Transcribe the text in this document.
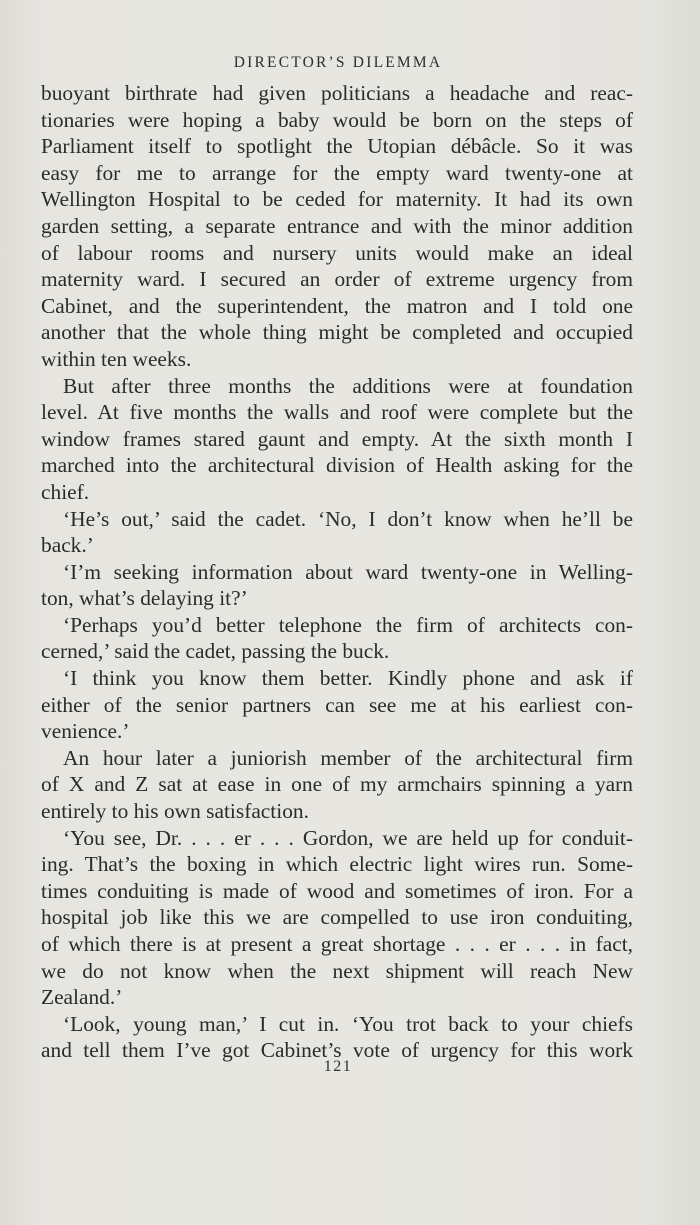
DIRECTOR’S DILEMMA
buoyant birthrate had given politicians a headache and reac-
tionaries were hoping a baby would be born on the steps of
Parliament itself to spotlight the Utopian débâcle. So it was
easy for me to arrange for the empty ward twenty-one at
Wellington Hospital to be ceded for maternity. It had its own
garden setting, a separate entrance and with the minor addition
of labour rooms and nursery units would make an ideal
maternity ward. I secured an order of extreme urgency from
Cabinet, and the superintendent, the matron and I told one
another that the whole thing might be completed and occupied
within ten weeks.
But after three months the additions were at foundation
level. At five months the walls and roof were complete but the
window frames stared gaunt and empty. At the sixth month I
marched into the architectural division of Health asking for the
chief.
‘He’s out,’ said the cadet. ‘No, I don’t know when he’ll be
back.’
‘I’m seeking information about ward twenty-one in Welling-
ton, what’s delaying it?’
‘Perhaps you’d better telephone the firm of architects con-
cerned,’ said the cadet, passing the buck.
‘I think you know them better. Kindly phone and ask if
either of the senior partners can see me at his earliest con-
venience.’
An hour later a juniorish member of the architectural firm
of X and Z sat at ease in one of my armchairs spinning a yarn
entirely to his own satisfaction.
‘You see, Dr. . . . er . . . Gordon, we are held up for conduit-
ing. That’s the boxing in which electric light wires run. Some-
times conduiting is made of wood and sometimes of iron. For a
hospital job like this we are compelled to use iron conduiting,
of which there is at present a great shortage . . . er . . . in fact,
we do not know when the next shipment will reach New
Zealand.’
‘Look, young man,’ I cut in. ‘You trot back to your chiefs
and tell them I’ve got Cabinet’s vote of urgency for this work
121
